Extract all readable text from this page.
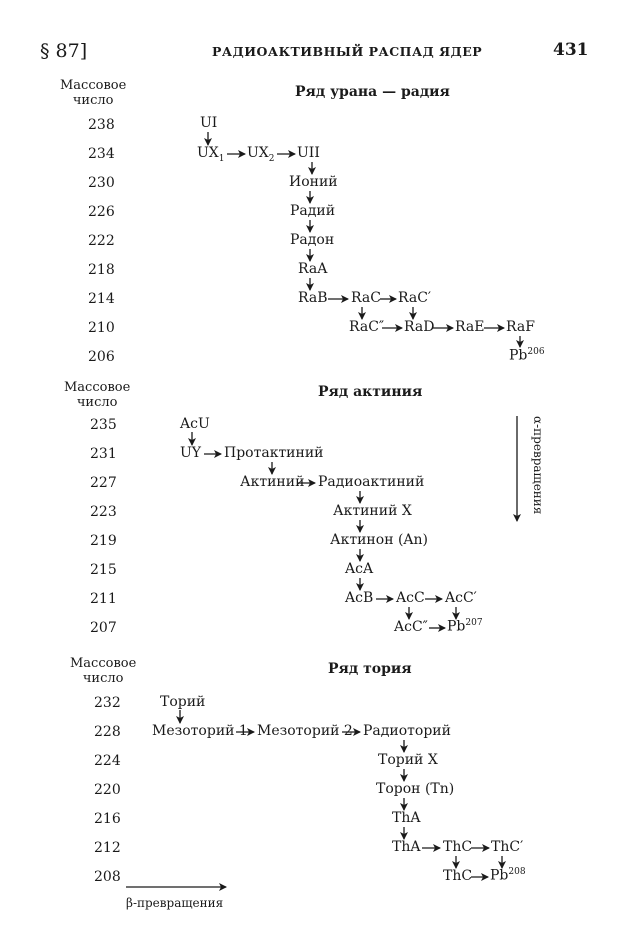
§ 87]	РАДИОАКТИВНЫЙ РАСПАД ЯДЕР	431
Массовое
число
Ряд урана — радия
238
234
230
226
222
218
214
210
206
UI
$UX_1$ $UX_2$ UII
Ионий
Радий
Радон
RaA
RaB RaC RaC′
RaC″ RaD RaE RaF
Pb$^{206}$
Массовое
число
Ряд актиния
235
231
227
223
219
215
211
207
AcU
UY Протактиний
Актиний Радиоактиний
Актиний X
Актинон (An)
AcA
AcB AcC AcC′
AcC″ Pb$^{207}$
α-превращения
Массовое
число
Ряд тория
232
228
224
220
216
212
208
Торий
Мезоторий 1 Мезоторий 2 Радиоторий
Торий X
Торон (Tn)
ThA
ThA ThC ThC′
ThC Pb$^{208}$
β-превращения
